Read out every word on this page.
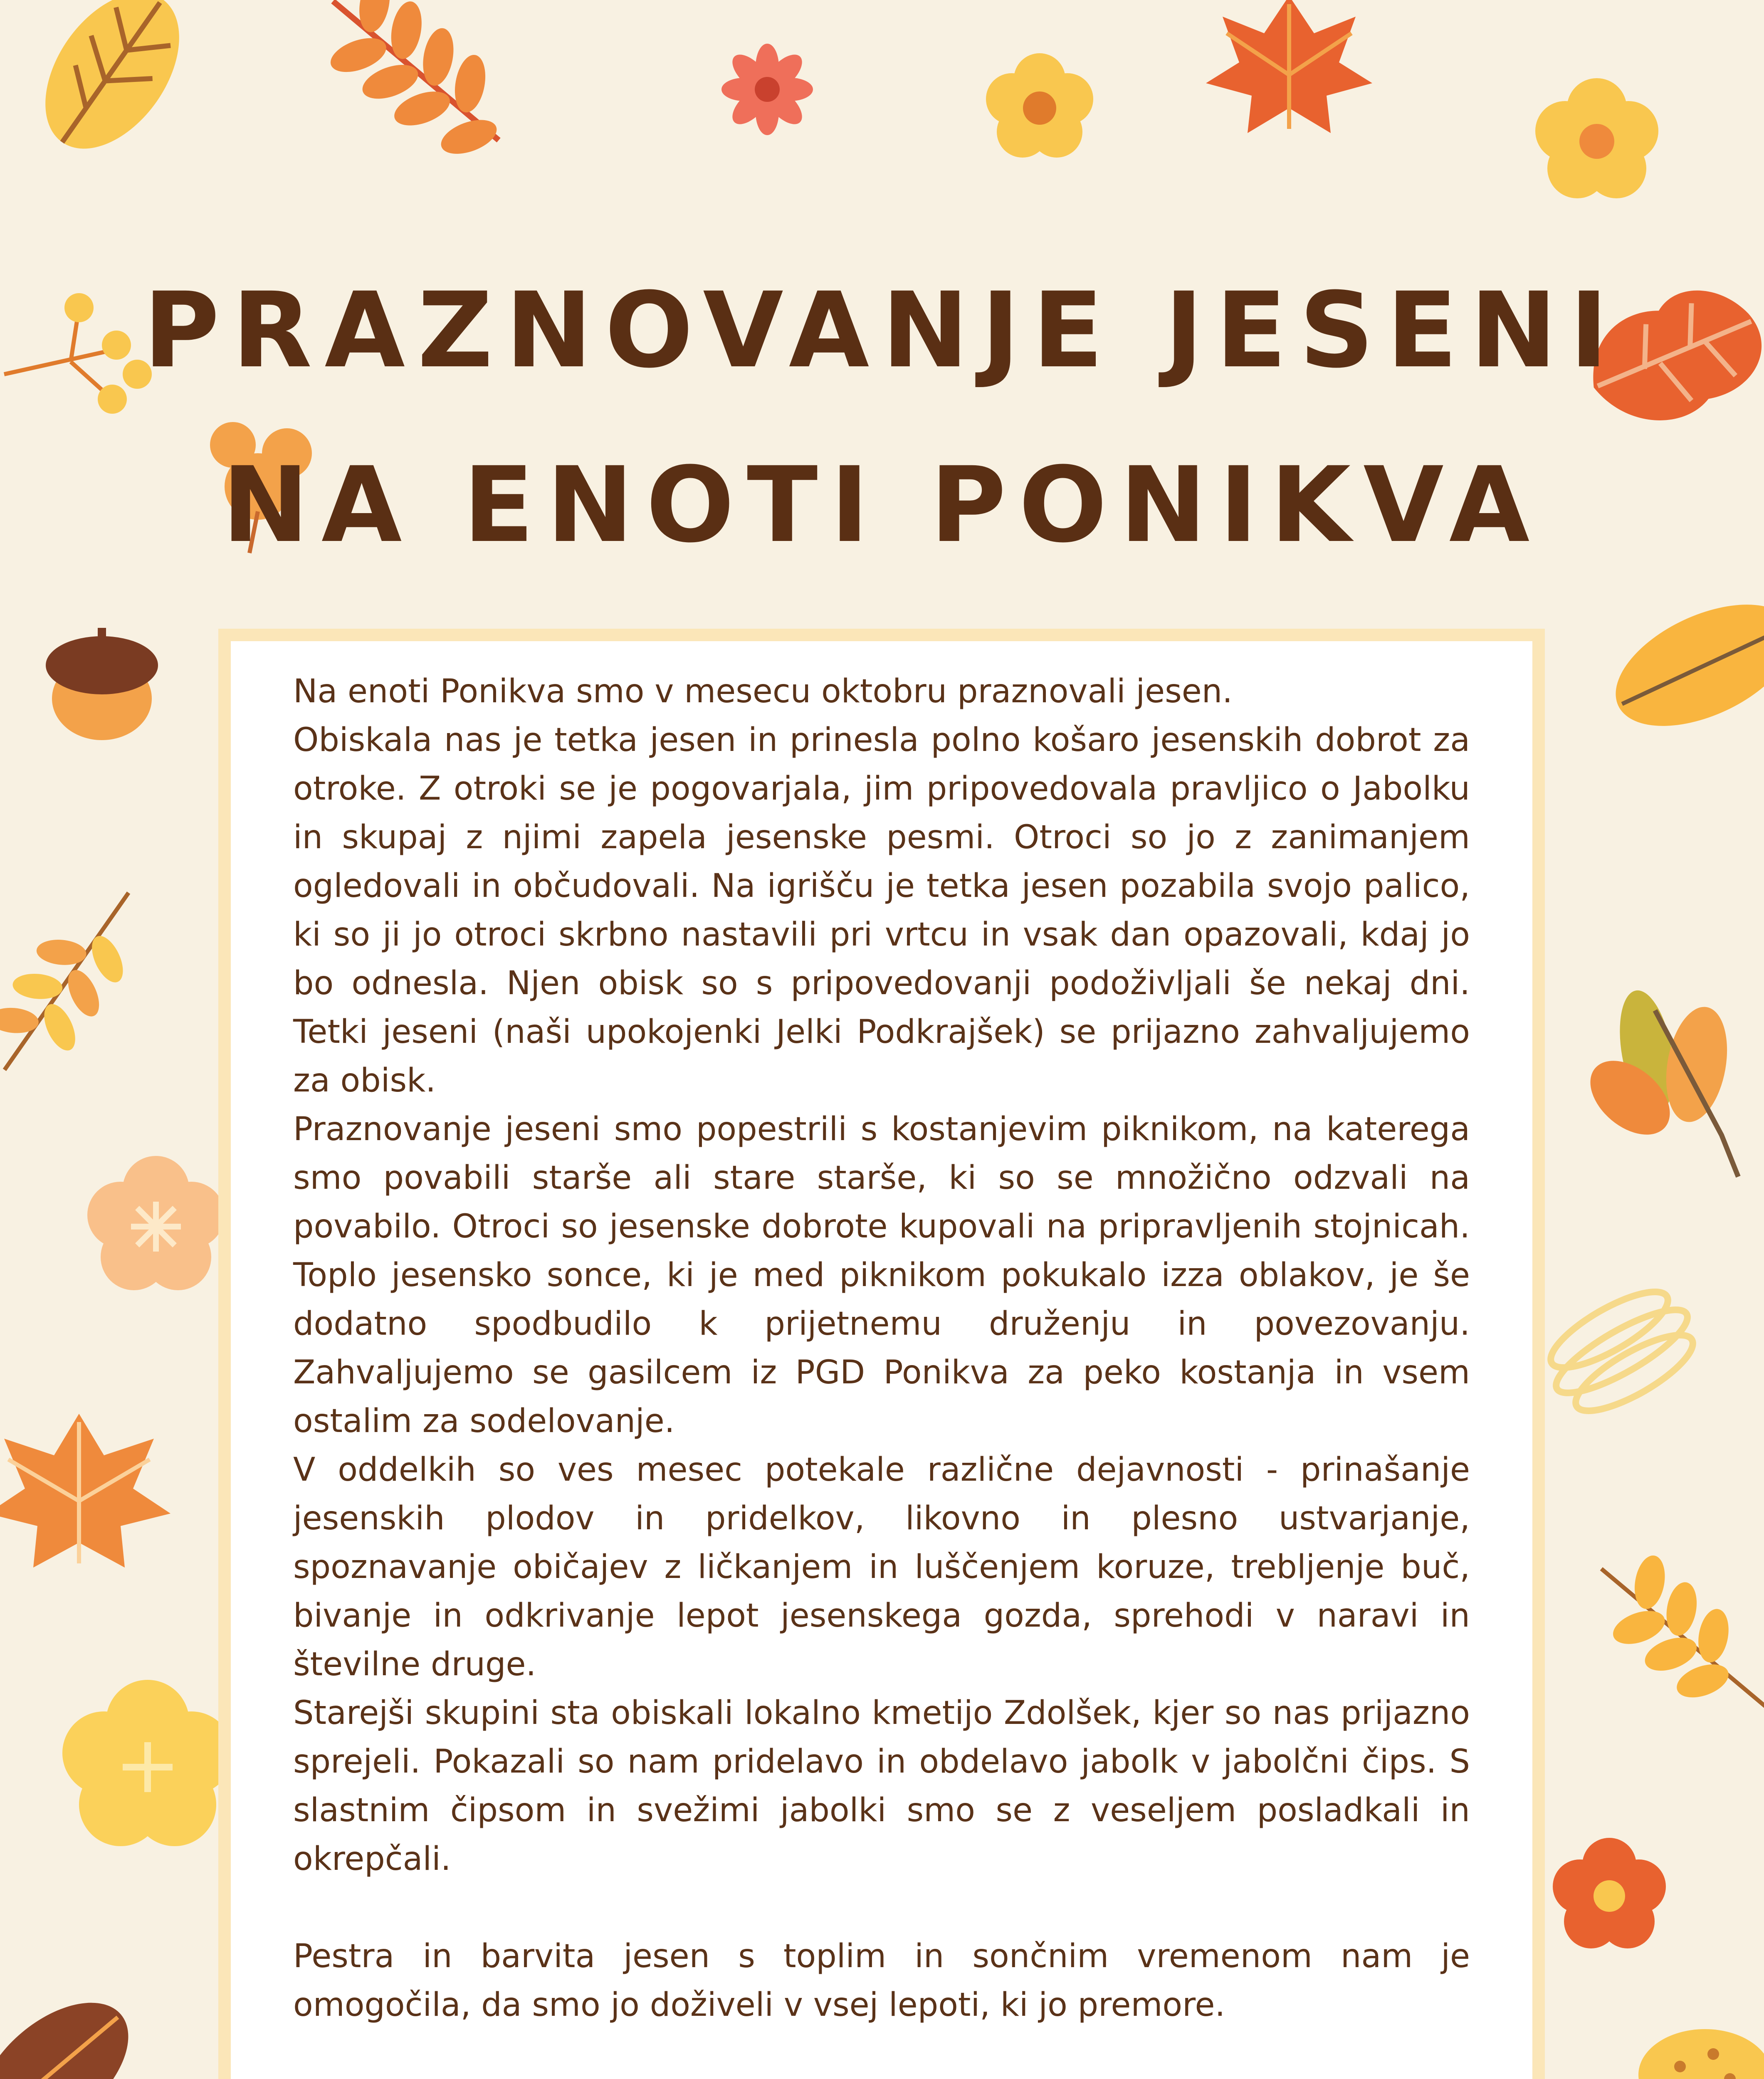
PRAZNOVANJE JESENI
NA ENOTI PONIKVA

Na enoti Ponikva smo v mesecu oktobru praznovali jesen.

Obiskala nas je tetka jesen in prinesla polno košaro jesenskih dobrot za otroke. Z otroki se je pogovarjala, jim pripovedovala pravljico o Jabolku in skupaj z njimi zapela jesenske pesmi. Otroci so jo z zanimanjem ogledovali in občudovali. Na igrišču je tetka jesen pozabila svojo palico, ki so ji jo otroci skrbno nastavili pri vrtcu in vsak dan opazovali, kdaj jo bo odnesla. Njen obisk so s pripovedovanji podoživljali še nekaj dni. Tetki jeseni (naši upokojenki Jelki Podkrajšek) se prijazno zahvaljujemo za obisk.

Praznovanje jeseni smo popestrili s kostanjevim piknikom, na katerega smo povabili starše ali stare starše, ki so se množično odzvali na povabilo. Otroci so jesenske dobrote kupovali na pripravljenih stojnicah. Toplo jesensko sonce, ki je med piknikom pokukalo izza oblakov, je še dodatno spodbudilo k prijetnemu druženju in povezovanju. Zahvaljujemo se gasilcem iz PGD Ponikva za peko kostanja in vsem ostalim za sodelovanje.

V oddelkih so ves mesec potekale različne dejavnosti - prinašanje jesenskih plodov in pridelkov, likovno in plesno ustvarjanje, spoznavanje običajev z ličkanjem in luščenjem koruze, trebljenje buč, bivanje in odkrivanje lepot jesenskega gozda, sprehodi v naravi in številne druge.

Starejši skupini sta obiskali lokalno kmetijo Zdolšek, kjer so nas prijazno sprejeli. Pokazali so nam pridelavo in obdelavo jabolk v jabolčni čips. S slastnim čipsom in svežimi jabolki smo se z veseljem posladkali in okrepčali.

Pestra in barvita jesen s toplim in sončnim vremenom nam je omogočila, da smo jo doživeli v vsej lepoti, ki jo premore.
